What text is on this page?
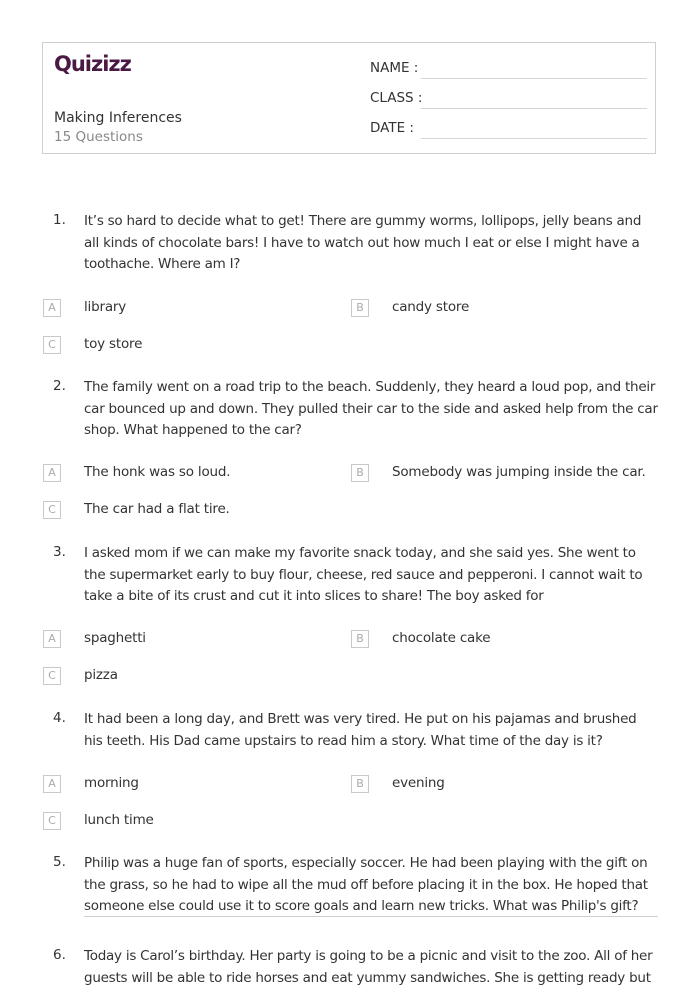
Quizizz
Making Inferences
15 Questions
NAME :
CLASS :
DATE :
1. It’s so hard to decide what to get! There are gummy worms, lollipops, jelly beans and all kinds of chocolate bars! I have to watch out how much I eat or else I might have a toothache. Where am I?
A	library	B	candy store
C	toy store
2. The family went on a road trip to the beach. Suddenly, they heard a loud pop, and their car bounced up and down. They pulled their car to the side and asked help from the car shop. What happened to the car?
A	The honk was so loud.	B	Somebody was jumping inside the car.
C	The car had a flat tire.
3. I asked mom if we can make my favorite snack today, and she said yes. She went to the supermarket early to buy flour, cheese, red sauce and pepperoni. I cannot wait to take a bite of its crust and cut it into slices to share! The boy asked for
A	spaghetti	B	chocolate cake
C	pizza
4. It had been a long day, and Brett was very tired. He put on his pajamas and brushed his teeth. His Dad came upstairs to read him a story. What time of the day is it?
A	morning	B	evening
C	lunch time
5. Philip was a huge fan of sports, especially soccer. He had been playing with the gift on the grass, so he had to wipe all the mud off before placing it in the box. He hoped that someone else could use it to score goals and learn new tricks. What was Philip's gift?
6. Today is Carol’s birthday. Her party is going to be a picnic and visit to the zoo. All of her guests will be able to ride horses and eat yummy sandwiches. She is getting ready but
